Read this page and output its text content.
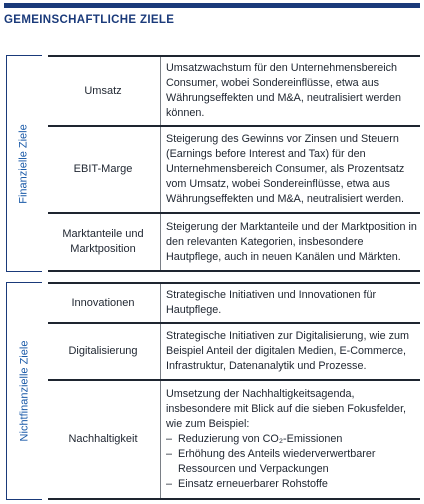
GEMEINSCHAFTLICHE ZIELE
Finanzielle Ziele
Umsatz

Umsatzwachstum für den Unternehmensbereich Consumer, wobei Sondereinflüsse, etwa aus Währungseffekten und M&A, neutralisiert werden können.

EBIT-Marge

Steigerung des Gewinns vor Zinsen und Steuern (Earnings before Interest and Tax) für den Unternehmensbereich Consumer, als Prozentsatz vom Umsatz, wobei Sondereinflüsse, etwa aus Währungseffekten und M&A, neutralisiert werden.

Marktanteile und Marktposition

Steigerung der Marktanteile und der Marktposition in den relevanten Kategorien, insbesondere Hautpflege, auch in neuen Kanälen und Märkten.

Nichtfinanzielle Ziele
Innovationen

Strategische Initiativen und Innovationen für Hautpflege.

Digitalisierung

Strategische Initiativen zur Digitalisierung, wie zum Beispiel Anteil der digitalen Medien, E-Commerce, Infrastruktur, Datenanalytik und Prozesse.

Nachhaltigkeit

Umsetzung der Nachhaltigkeitsagenda, insbesondere mit Blick auf die sieben Fokusfelder, wie zum Beispiel:

– Reduzierung von CO₂-Emissionen
– Erhöhung des Anteils wiederverwertbarer Ressourcen und Verpackungen
– Einsatz erneuerbarer Rohstoffe
